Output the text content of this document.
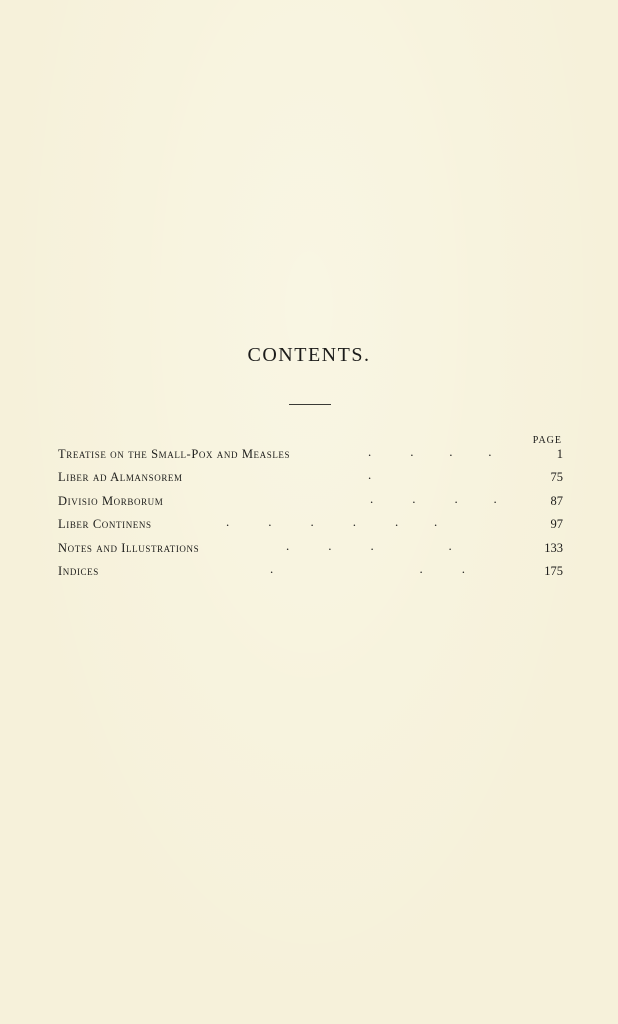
CONTENTS.
PAGE
Treatise on the Small-Pox and Measles	.            .           .           .	1
Liber ad Almansorem	.	75
Divisio Morborum	.            .            .           .	87
Liber Continens	.            .            .            .            .           .	97
Notes and Illustrations	.            .            .                       .	133
Indices	.                                             .            .	175
